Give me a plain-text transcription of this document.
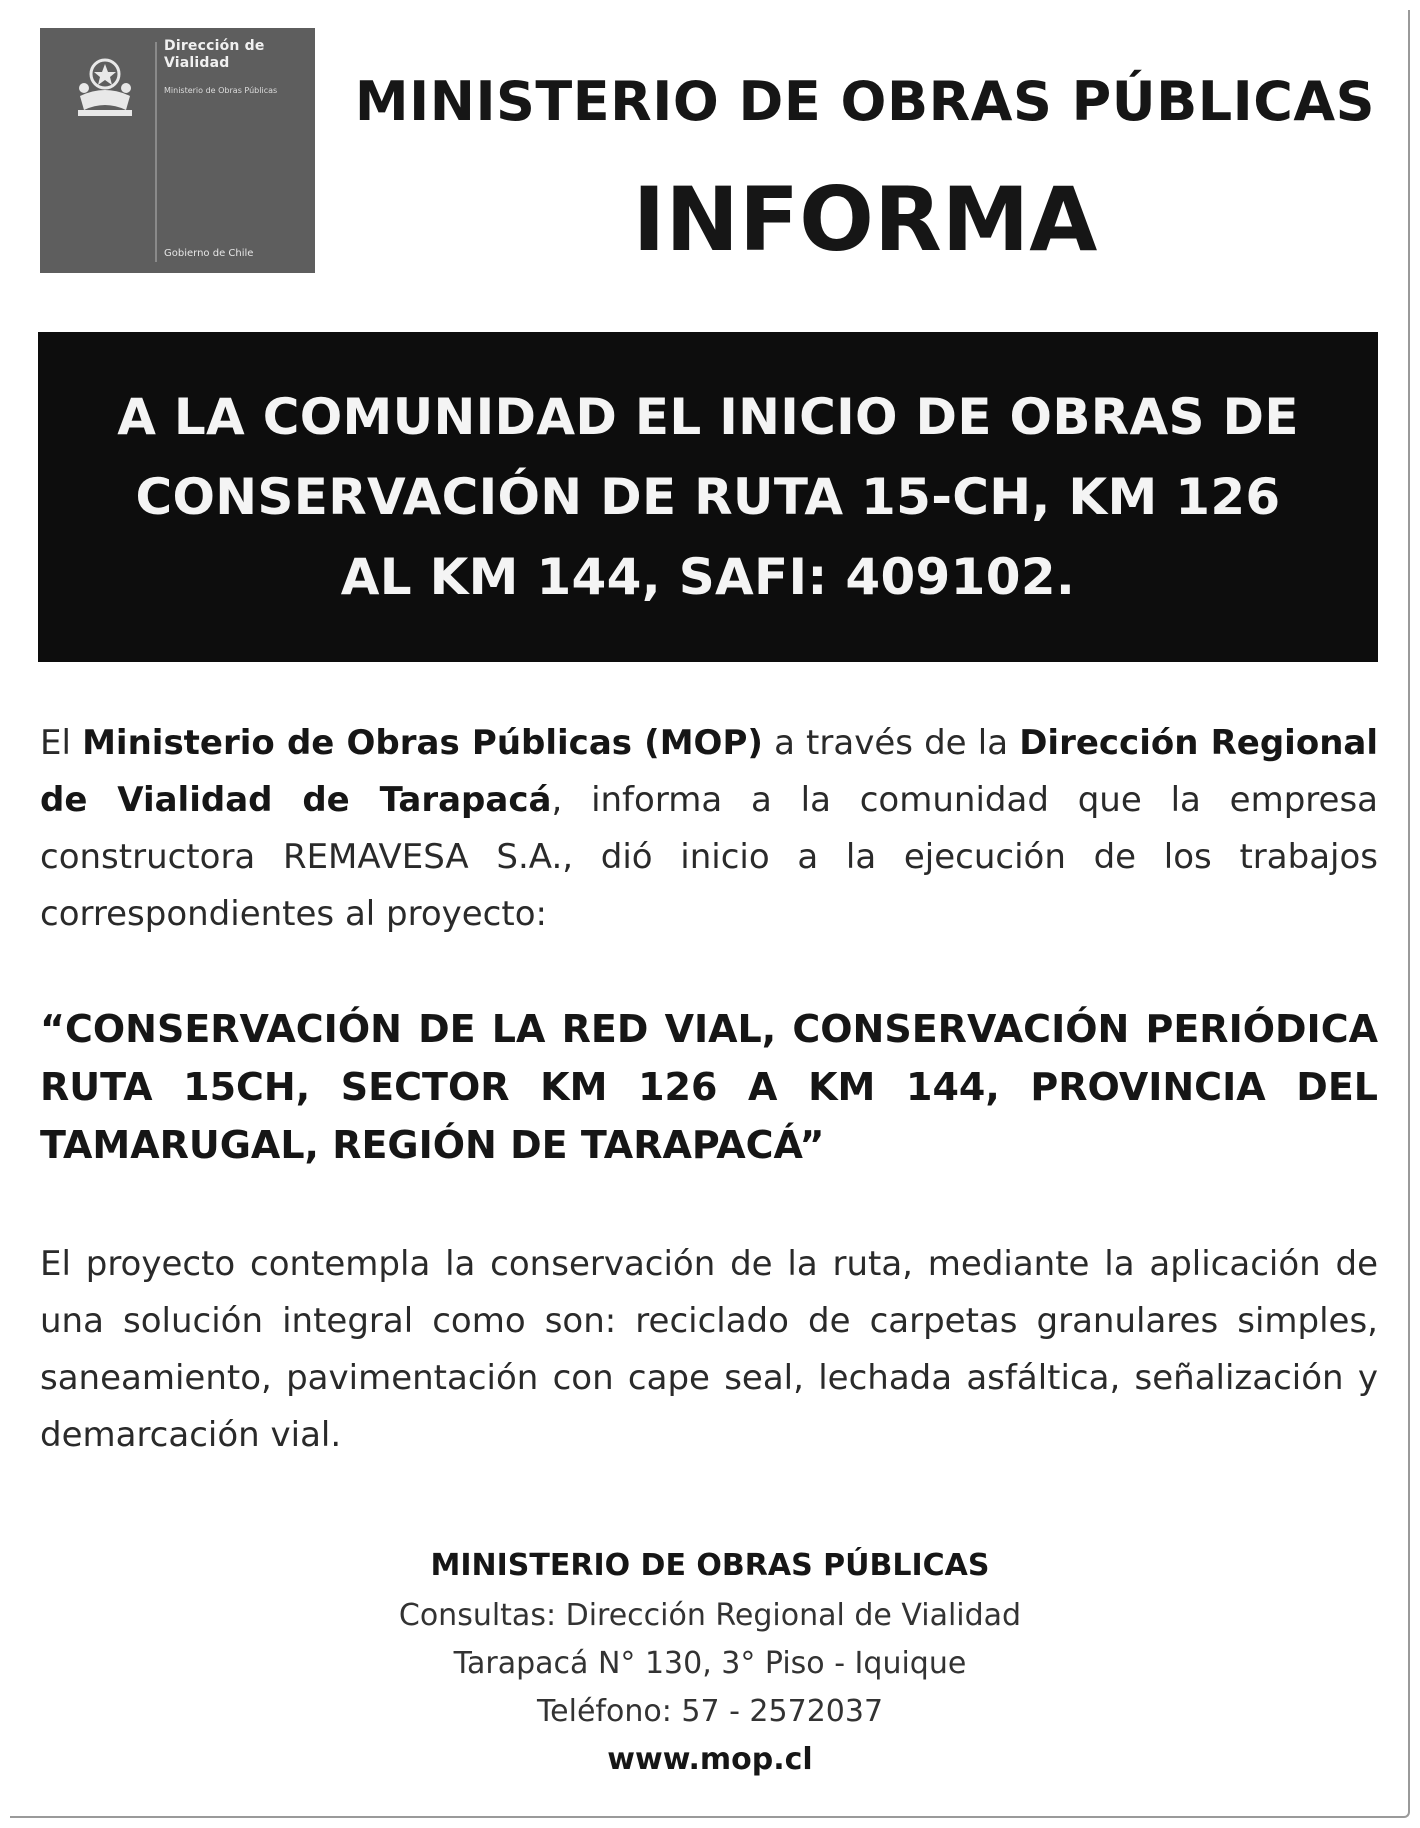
Dirección de
Vialidad
Ministerio de Obras Públicas
Gobierno de Chile
MINISTERIO DE OBRAS PÚBLICAS
INFORMA
A LA COMUNIDAD EL INICIO DE OBRAS DE
CONSERVACIÓN DE RUTA 15-CH, KM 126
AL KM 144, SAFI: 409102.
El Ministerio de Obras Públicas (MOP) a través de la Dirección Regional de Vialidad de Tarapacá, informa a la comunidad que la empresa constructora REMAVESA S.A., dió inicio a la ejecución de los trabajos correspondientes al proyecto:
“CONSERVACIÓN DE LA RED VIAL, CONSERVACIÓN PERIÓDICA RUTA 15CH, SECTOR KM 126 A KM 144, PROVINCIA DEL TAMARUGAL, REGIÓN DE TARAPACÁ”
El proyecto contempla la conservación de la ruta, mediante la aplicación de una solución integral como son: reciclado de carpetas granulares simples, saneamiento, pavimentación con cape seal, lechada asfáltica, señalización y demarcación vial.
MINISTERIO DE OBRAS PÚBLICAS
Consultas: Dirección Regional de Vialidad
Tarapacá N° 130, 3° Piso - Iquique
Teléfono: 57 - 2572037
www.mop.cl
